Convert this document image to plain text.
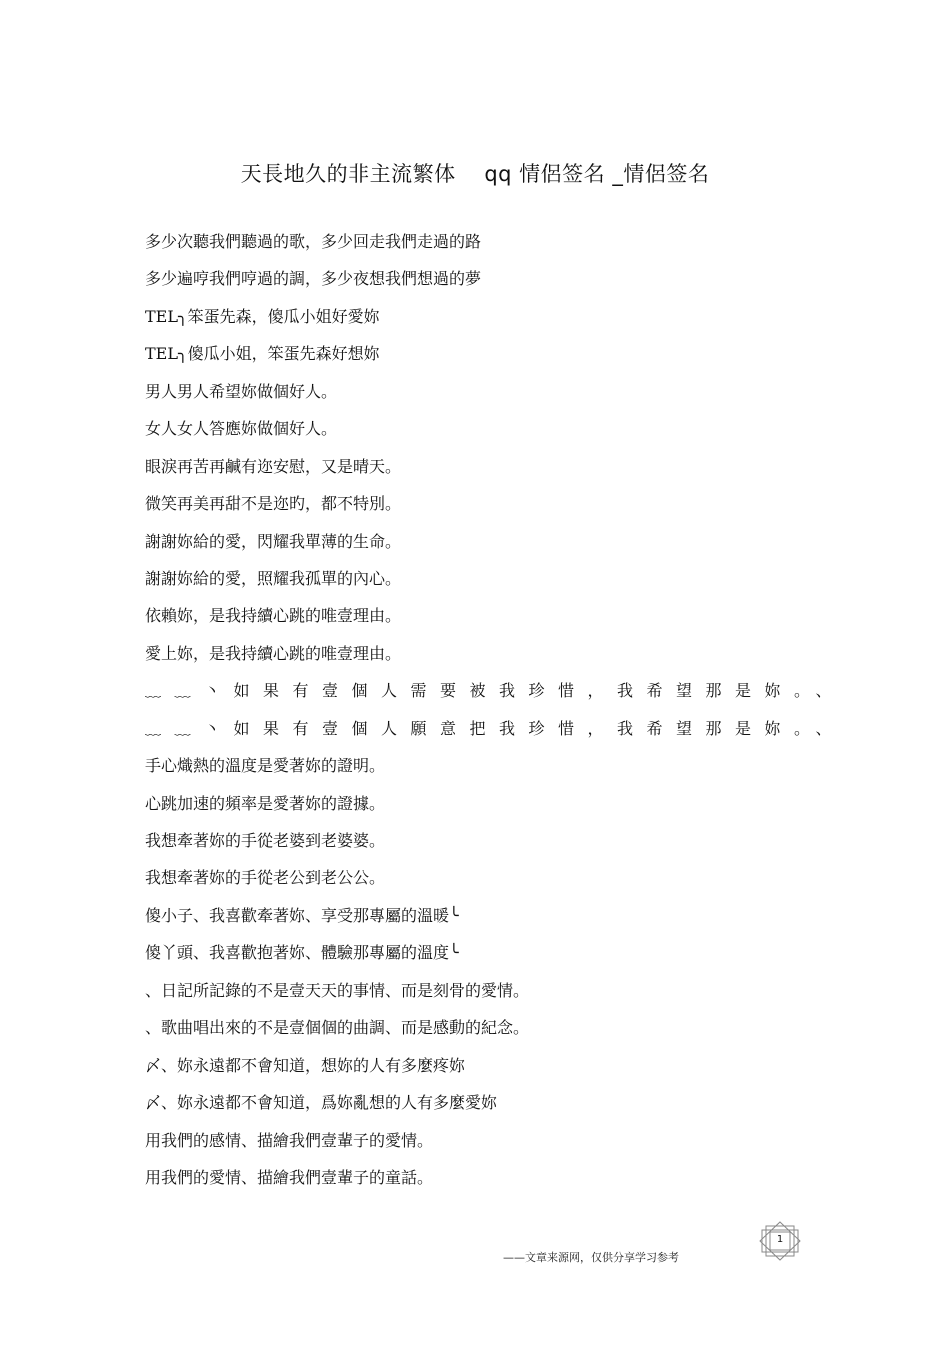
天長地久的非主流繁体    qq 情侶签名 _情侶签名
多少次聽我們聽過的歌，多少回走我們走過的路
多少遍哼我們哼過的調，多少夜想我們想過的夢
TEL╮笨蛋先森，傻瓜小姐好愛妳
TEL╮傻瓜小姐，笨蛋先森好想妳
男人男人希望妳做個好人。
女人女人答應妳做個好人。
眼淚再苦再鹹有迩安慰，又是晴天。
微笑再美再甜不是迩旳，都不特別。
謝謝妳給的愛，閃耀我單薄的生命。
謝謝妳給的愛，照耀我孤單的內心。
依賴妳，是我持續心跳的唯壹理由。
愛上妳，是我持續心跳的唯壹理由。
﹏﹏丶如果有壹個人需要被我珍惜，我希望那是妳。、
﹏﹏丶如果有壹個人願意把我珍惜，我希望那是妳。、
手心熾熱的溫度是愛著妳的證明。
心跳加速的頻率是愛著妳的證據。
我想牽著妳的手從老婆到老婆婆。
我想牽著妳的手從老公到老公公。
傻小子、我喜歡牽著妳、享受那專屬的溫暖╰
傻丫頭、我喜歡抱著妳、體驗那專屬的溫度╰
、日記所記錄的不是壹天天的事情、而是刻骨的愛情。
、歌曲唱出來的不是壹個個的曲調、而是感動的紀念。
〆、妳永遠都不會知道，想妳的人有多麼疼妳
〆、妳永遠都不會知道，爲妳亂想的人有多麼愛妳
用我們的感情、描繪我們壹輩子的愛情。
用我們的愛情、描繪我們壹輩子的童話。
——文章来源网，仅供分享学习参考
1
